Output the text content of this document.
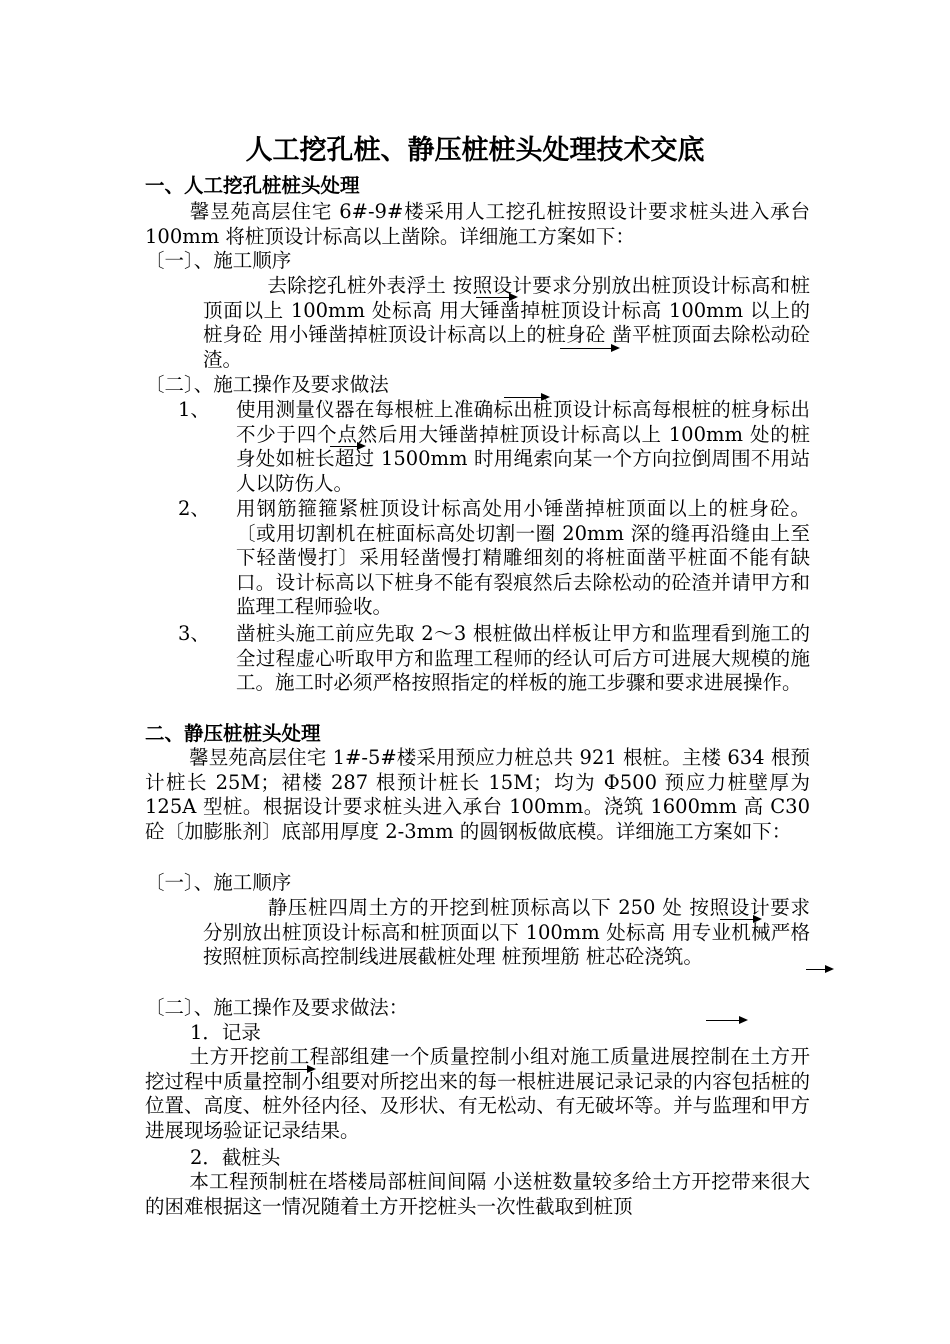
人工挖孔桩、静压桩桩头处理技术交底
一、人工挖孔桩桩头处理
馨昱苑高层住宅 6#-9#楼采用人工挖孔桩按照设计要求桩头进入承台 100mm 将桩顶设计标高以上凿除。详细施工方案如下：
〔一〕、施工顺序
去除挖孔桩外表浮土 按照设计要求分别放出桩顶设计标高和桩顶面以上 100mm 处标高 用大锤凿掉桩顶设计标高 100mm 以上的桩身砼 用小锤凿掉桩顶设计标高以上的桩身砼 凿平桩顶面去除松动砼渣。
〔二〕、施工操作及要求做法
1、	使用测量仪器在每根桩上准确标出桩顶设计标高每根桩的桩身标出不少于四个点然后用大锤凿掉桩顶设计标高以上 100mm 处的桩身处如桩长超过 1500mm 时用绳索向某一个方向拉倒周围不用站人以防伤人。
2、	用钢筋箍箍紧桩顶设计标高处用小锤凿掉桩顶面以上的桩身砼。〔或用切割机在桩面标高处切割一圈 20mm 深的缝再沿缝由上至下轻凿慢打〕采用轻凿慢打精雕细刻的将桩面凿平桩面不能有缺口。设计标高以下桩身不能有裂痕然后去除松动的砼渣并请甲方和监理工程师验收。
3、	凿桩头施工前应先取 2～3 根桩做出样板让甲方和监理看到施工的全过程虚心听取甲方和监理工程师的经认可后方可进展大规模的施工。施工时必须严格按照指定的样板的施工步骤和要求进展操作。
二、静压桩桩头处理
馨昱苑高层住宅 1#-5#楼采用预应力桩总共 921 根桩。主楼 634 根预计桩长 25M；裙楼 287 根预计桩长 15M；均为 Φ500 预应力桩壁厚为 125A 型桩。根据设计要求桩头进入承台 100mm。浇筑 1600mm 高 C30 砼〔加膨胀剂〕底部用厚度 2-3mm 的圆钢板做底模。详细施工方案如下：
〔一〕、施工顺序
静压桩四周土方的开挖到桩顶标高以下 250 处 按照设计要求分别放出桩顶设计标高和桩顶面以下 100mm 处标高 用专业机械严格按照桩顶标高控制线进展截桩处理 桩预埋筋 桩芯砼浇筑。
〔二〕、施工操作及要求做法：
1．记录
土方开挖前工程部组建一个质量控制小组对施工质量进展控制在土方开挖过程中质量控制小组要对所挖出来的每一根桩进展记录记录的内容包括桩的位置、高度、桩外径内径、及形状、有无松动、有无破坏等。并与监理和甲方进展现场验证记录结果。
2．截桩头
本工程预制桩在塔楼局部桩间间隔 小送桩数量较多给土方开挖带来很大的困难根据这一情况随着土方开挖桩头一次性截取到桩顶
